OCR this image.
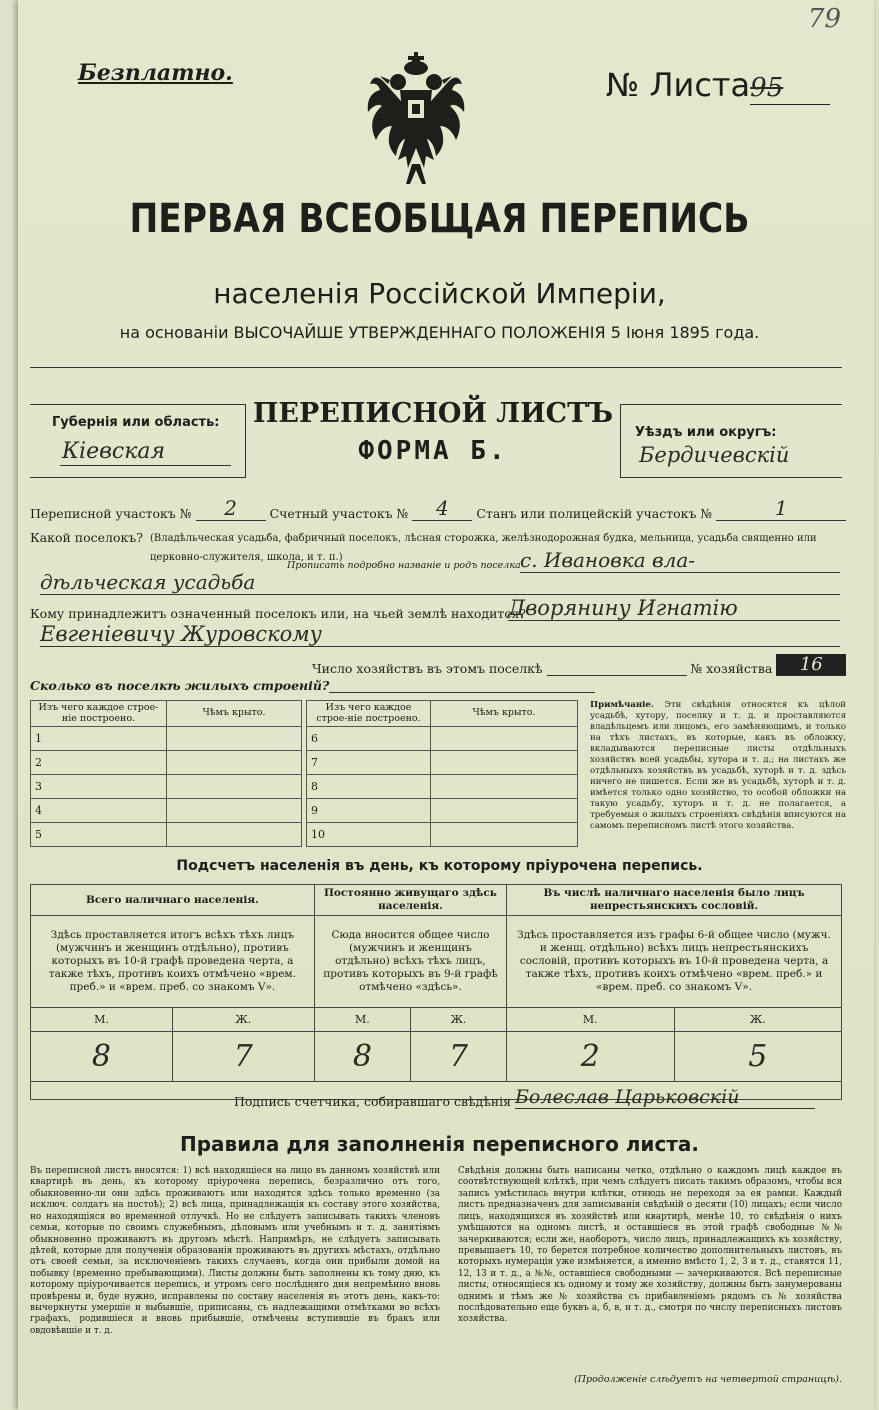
79
Безплатно.	№ Листа95
ПЕРВАЯ ВСЕОБЩАЯ ПЕРЕПИСЬ
населенія Россійской Имперіи,
на основаніи ВЫСОЧАЙШЕ УТВЕРЖДЕННАГО ПОЛОЖЕНІЯ 5 Іюня 1895 года.
Губернія или область:
Кіевская
ПЕРЕПИСНОЙ ЛИСТЪ
ФОРМА Б.
Уѣздъ или округъ:
Бердичевскій
Переписной участокъ № 2	Счетный участокъ № 4 Станъ или полицейскій участокъ №	1
Какой поселокъ? (Владѣльческая усадьба, фабричный поселокъ, лѣсная сторожка, желѣзнодорожная будка, мельница, усадьба священно или церковно-служителя, школа, и т. п.)
Прописать подробно названіе и родъ поселка с. Ивановка вла-
дѣльческая усадьба
Кому принадлежитъ означенный поселокъ или, на чьей землѣ находится?
Дворянину Игнатію
Евгеніевичу Журовскому
Число хозяйствъ въ этомъ поселкѣ	№ хозяйства 16
Сколько въ поселкѣ жилыхъ строеній?
Изъ чего каждое строе-ніе построено.	Чѣмъ крыто.
1	
2	
3	
4	
5	
Изъ чего каждое строе-ніе построено.	Чѣмъ крыто.
6	
7	
8	
9	
10	
Примѣчаніе. Эти свѣдѣнія относятся къ цѣлой усадьбѣ, хутору, поселку и т. д. и проставляются владѣльцемъ или лицомъ, его замѣняющимъ, и только на тѣхъ листахъ, въ которые, какъ въ обложку, вкладываются переписные листы отдѣльныхъ хозяйствъ всей усадьбы, хутора и т. д.; на листахъ же отдѣльныхъ хозяйствъ въ усадьбѣ, хуторѣ и т. д. здѣсь ничего не пишется. Если же въ усадьбѣ, хуторѣ и т. д. имѣется только одно хозяйство, то особой обложки на такую усадьбу, хуторъ и т. д. не полагается, а требуемыя о жилыхъ строеніяхъ свѣдѣнія вписуются на самомъ переписномъ листѣ этого хозяйства.
Подсчетъ населенія въ день, къ которому пріурочена перепись.
Всего наличнаго населенія.		Постоянно живущаго здѣсь населенія.		Въ числѣ наличнаго населенія было лицъ непрестьянскихъ сословій.	
Здѣсь проставляется итогъ всѣхъ тѣхъ лицъ (мужчинъ и женщинъ отдѣльно), противъ которыхъ въ 10-й графѣ проведена черта, а также тѣхъ, противъ коихъ отмѣчено «врем. преб.» и «врем. преб. со знакомъ V».		Сюда вносится общее число (мужчинъ и женщинъ отдѣльно) всѣхъ тѣхъ лицъ, противъ которыхъ въ 9-й графѣ отмѣчено «здѣсь».		Здѣсь проставляется изъ графы 6-й общее число (мужч. и женщ. отдѣльно) всѣхъ лицъ непрестьянскихъ сословій, противъ которыхъ въ 10-й проведена черта, а также тѣхъ, противъ коихъ отмѣчено «врем. преб.» и «врем. преб. со знакомъ V».	
М.	Ж.	М.	Ж.	М.	Ж.
8	7	8	7	2	5

Подпись счетчика, собиравшаго свѣдѣнія Болеслав Царьковскій
Правила для заполненія переписного листа.
Въ переписной листъ вносятся: 1) всѣ находящіеся на лицо въ данномъ хозяйствѣ или квартирѣ въ день, къ которому пріурочена перепись, безразлично отъ того, обыкновенно-ли они здѣсь проживаютъ или находятся здѣсь только временно (за исключ. солдатъ на постоѣ); 2) всѣ лица, принадлежащія къ составу этого хозяйства, но находящіяся во временной отлучкѣ. Но не слѣдуетъ записывать такихъ членовъ семьи, которые по своимъ служебнымъ, дѣловымъ или учебнымъ и т. д. занятіямъ обыкновенно проживаютъ въ другомъ мѣстѣ. Напримѣръ, не слѣдуетъ записывать дѣтей, которые для полученія образованія проживаютъ въ другихъ мѣстахъ, отдѣльно отъ своей семьи, за исключеніемъ такихъ случаевъ, когда они прибыли домой на побывку (временно пребывающими). Листы должны быть заполнены къ тому дню, къ которому пріурочивается перепись, и утромъ сего послѣдняго дня непремѣнно вновь провѣрены и, буде нужно, исправлены по составу населенія въ этотъ день, какъ-то: вычеркнуты умершіе и выбывшіе, приписаны, съ надлежащими отмѣтками во всѣхъ графахъ, родившіеся и вновь прибывшіе, отмѣчены вступившіе въ бракъ или овдовѣвшіе и т. д.
Свѣдѣнія должны быть написаны четко, отдѣльно о каждомъ лицѣ каждое въ соотвѣтствующей клѣткѣ, при чемъ слѣдуетъ писать такимъ образомъ, чтобы вся запись умѣстилась внутри клѣтки, отнюдь не переходя за ея рамки. Каждый листъ предназначенъ для записыванія свѣдѣній о десяти (10) лицахъ; если число лицъ, находящихся въ хозяйствѣ или квартирѣ, менѣе 10, то свѣдѣнія о нихъ умѣщаются на одномъ листѣ, и оставшіеся въ этой графѣ свободные №№ зачеркиваются; если же, наоборотъ, число лицъ, принадлежащихъ къ хозяйству, превышаетъ 10, то берется потребное количество дополнительныхъ листовъ, въ которыхъ нумерація уже измѣняется, а именно вмѣсто 1, 2, 3 и т. д., ставятся 11, 12, 13 и т. д., а №№, оставшіеся свободными — зачеркиваются. Всѣ переписные листы, относящіеся къ одному и тому же хозяйству, должны быть занумерованы однимъ и тѣмъ же № хозяйства съ прибавленіемъ рядомъ съ № хозяйства послѣдовательно еще буквъ а, б, в, и т. д., смотря по числу переписныхъ листовъ хозяйства.
(Продолженіе слѣдуетъ на четвертой страницѣ).
